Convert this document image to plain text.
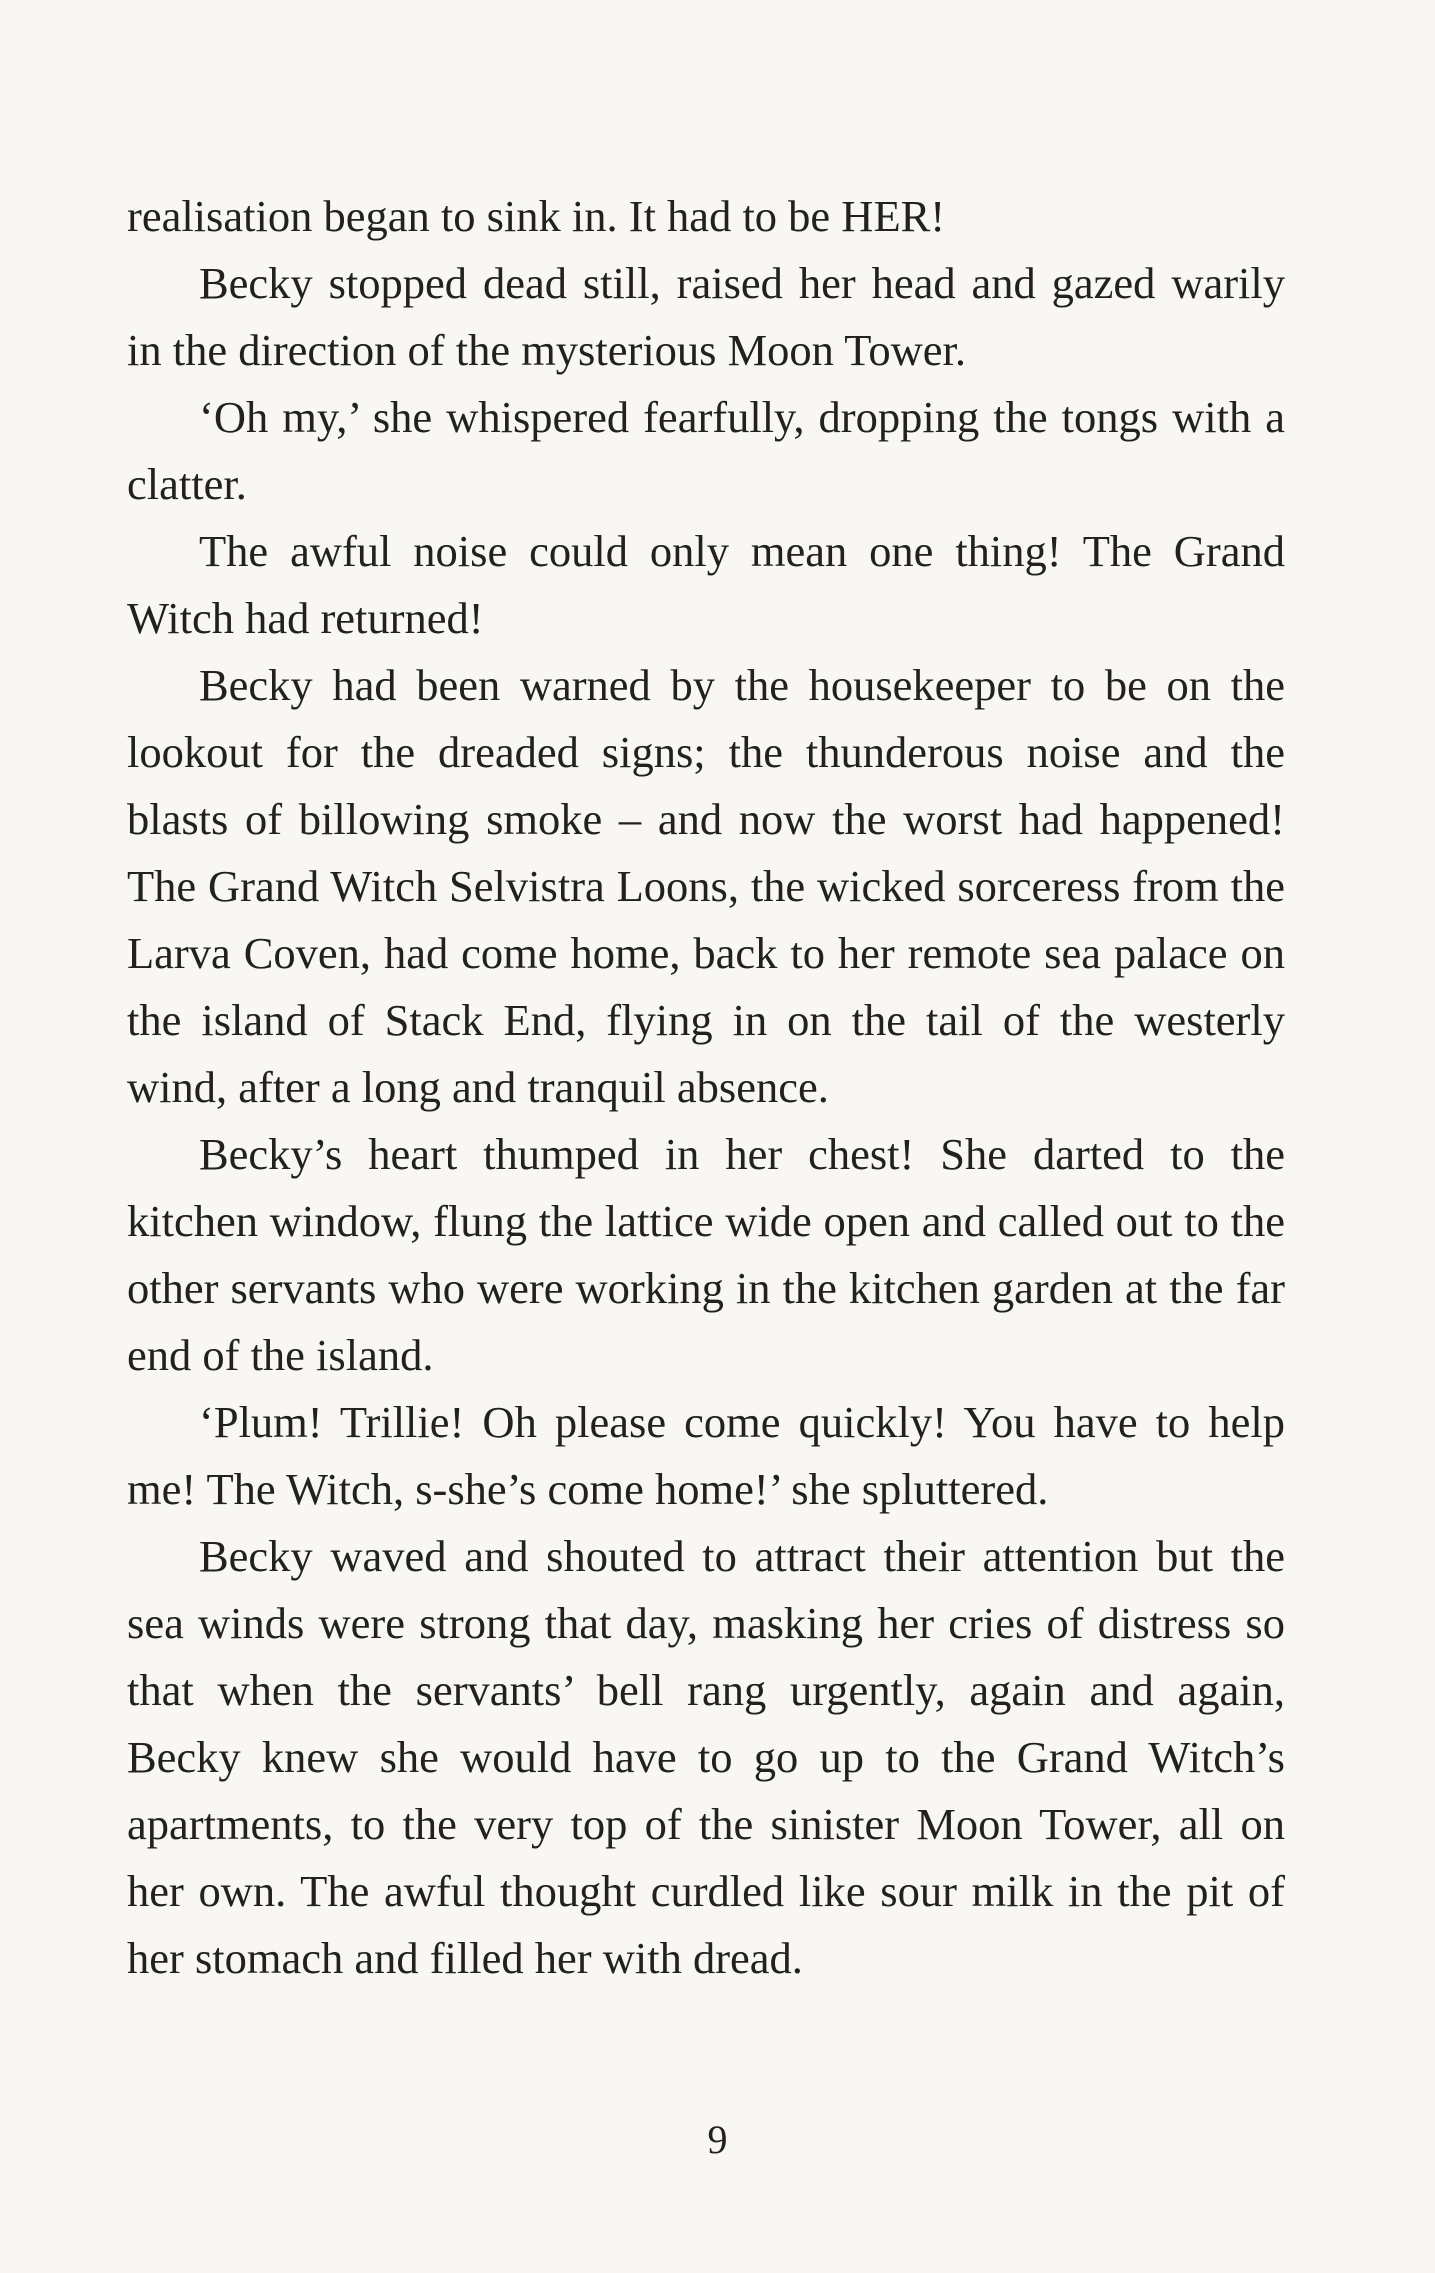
realisation began to sink in. It had to be HER!

Becky stopped dead still, raised her head and gazed warily in the direction of the mysterious Moon Tower.

‘Oh my,’ she whispered fearfully, dropping the tongs with a clatter.

The awful noise could only mean one thing! The Grand Witch had returned!

Becky had been warned by the housekeeper to be on the lookout for the dreaded signs; the thunderous noise and the blasts of billowing smoke – and now the worst had happened! The Grand Witch Selvistra Loons, the wicked sorceress from the Larva Coven, had come home, back to her remote sea palace on the island of Stack End, flying in on the tail of the westerly wind, after a long and tranquil absence.

Becky’s heart thumped in her chest! She darted to the kitchen window, flung the lattice wide open and called out to the other servants who were working in the kitchen garden at the far end of the island.

‘Plum! Trillie! Oh please come quickly! You have to help me! The Witch, s-she’s come home!’ she spluttered.

Becky waved and shouted to attract their attention but the sea winds were strong that day, masking her cries of distress so that when the servants’ bell rang urgently, again and again, Becky knew she would have to go up to the Grand Witch’s apartments, to the very top of the sinister Moon Tower, all on her own. The awful thought curdled like sour milk in the pit of her stomach and filled her with dread.

9
